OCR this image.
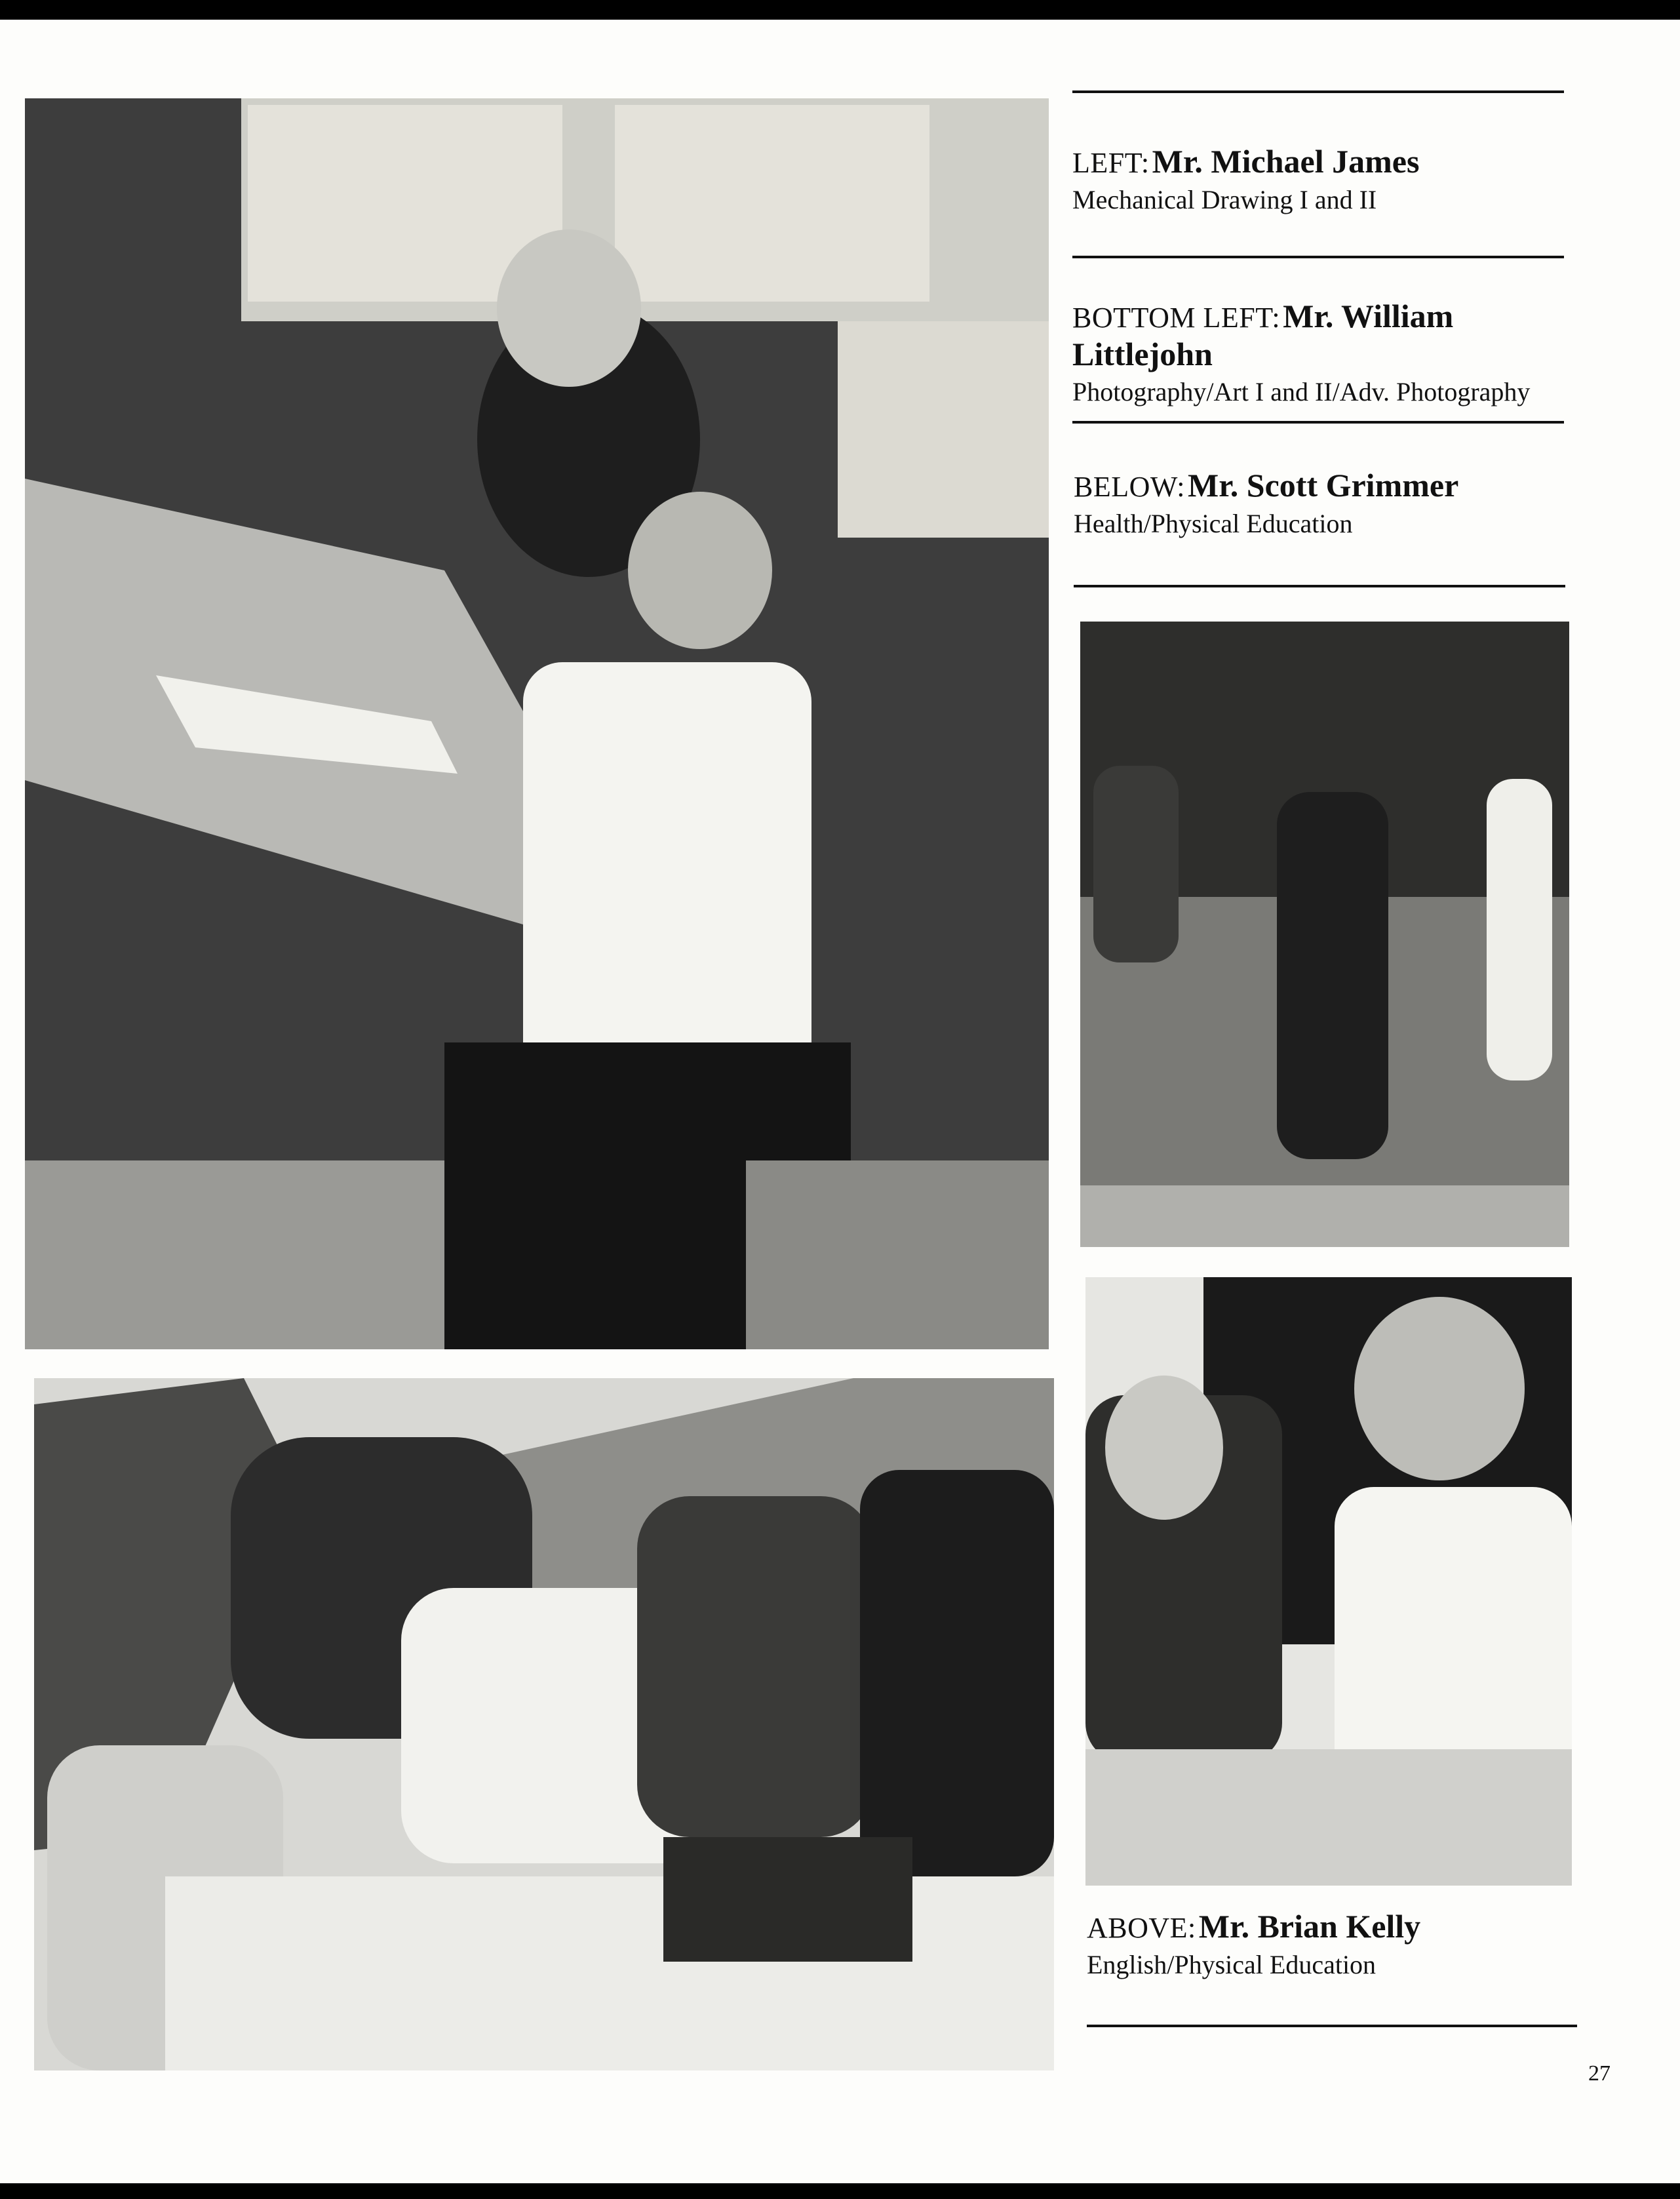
LEFT: Mr. Michael James
Mechanical Drawing I and II
BOTTOM LEFT: Mr. William Littlejohn
Photography/Art I and II/Adv. Photography
BELOW: Mr. Scott Grimmer
Health/Physical Education
ABOVE: Mr. Brian Kelly
English/Physical Education
27
